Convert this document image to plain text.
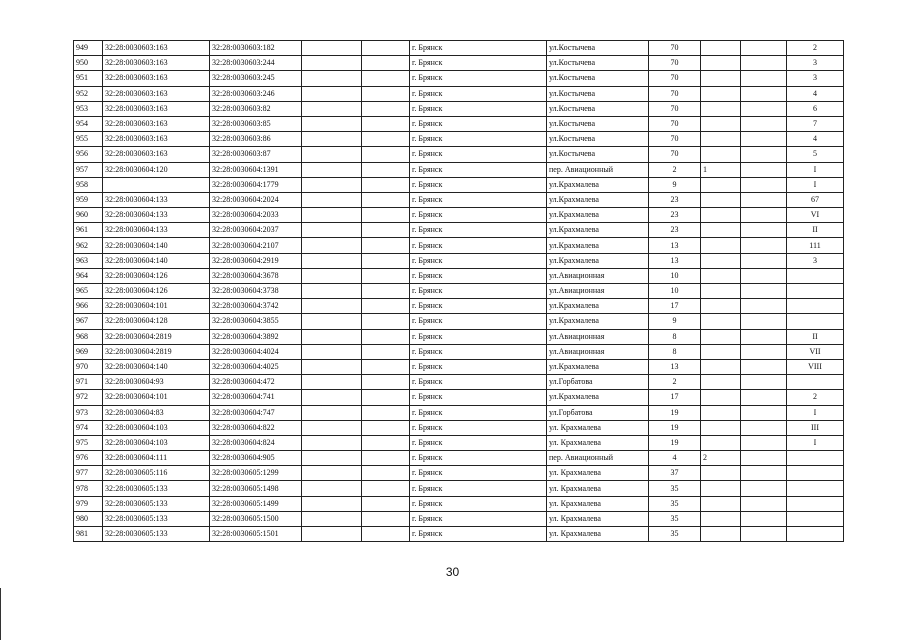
949	32:28:0030603:163	32:28:0030603:182			г. Брянск	ул.Костычева	70			2
950	32:28:0030603:163	32:28:0030603:244			г. Брянск	ул.Костычева	70			3
951	32:28:0030603:163	32:28:0030603:245			г. Брянск	ул.Костычева	70			3
952	32:28:0030603:163	32:28:0030603:246			г. Брянск	ул.Костычева	70			4
953	32:28:0030603:163	32:28:0030603:82			г. Брянск	ул.Костычева	70			6
954	32:28:0030603:163	32:28:0030603:85			г. Брянск	ул.Костычева	70			7
955	32:28:0030603:163	32:28:0030603:86			г. Брянск	ул.Костычева	70			4
956	32:28:0030603:163	32:28:0030603:87			г. Брянск	ул.Костычева	70			5
957	32:28:0030604:120	32:28:0030604:1391			г. Брянск	пер. Авиационный	2	1		I
958		32:28:0030604:1779			г. Брянск	ул.Крахмалева	9			I
959	32:28:0030604:133	32:28:0030604:2024			г. Брянск	ул.Крахмалева	23			67
960	32:28:0030604:133	32:28:0030604:2033			г. Брянск	ул.Крахмалева	23			VI
961	32:28:0030604:133	32:28:0030604:2037			г. Брянск	ул.Крахмалева	23			II
962	32:28:0030604:140	32:28:0030604:2107			г. Брянск	ул.Крахмалева	13			111
963	32:28:0030604:140	32:28:0030604:2919			г. Брянск	ул.Крахмалева	13			3
964	32:28:0030604:126	32:28:0030604:3678			г. Брянск	ул.Авиационная	10			
965	32:28:0030604:126	32:28:0030604:3738			г. Брянск	ул.Авиационная	10			
966	32:28:0030604:101	32:28:0030604:3742			г. Брянск	ул.Крахмалева	17			
967	32:28:0030604:128	32:28:0030604:3855			г. Брянск	ул.Крахмалева	9			
968	32:28:0030604:2819	32:28:0030604:3892			г. Брянск	ул.Авиационная	8			II
969	32:28:0030604:2819	32:28:0030604:4024			г. Брянск	ул.Авиационная	8			VII
970	32:28:0030604:140	32:28:0030604:4025			г. Брянск	ул.Крахмалева	13			VIII
971	32:28:0030604:93	32:28:0030604:472			г. Брянск	ул.Горбатова	2			
972	32:28:0030604:101	32:28:0030604:741			г. Брянск	ул.Крахмалева	17			2
973	32:28:0030604:83	32:28:0030604:747			г. Брянск	ул.Горбатова	19			I
974	32:28:0030604:103	32:28:0030604:822			г. Брянск	ул. Крахмалева	19			III
975	32:28:0030604:103	32:28:0030604:824			г. Брянск	ул. Крахмалева	19			I
976	32:28:0030604:111	32:28:0030604:905			г. Брянск	пер. Авиационный	4	2		
977	32:28:0030605:116	32:28:0030605:1299			г. Брянск	ул. Крахмалева	37			
978	32:28:0030605:133	32:28:0030605:1498			г. Брянск	ул. Крахмалева	35			
979	32:28:0030605:133	32:28:0030605:1499			г. Брянск	ул. Крахмалева	35			
980	32:28:0030605:133	32:28:0030605:1500			г. Брянск	ул. Крахмалева	35			
981	32:28:0030605:133	32:28:0030605:1501			г. Брянск	ул. Крахмалева	35			
30
